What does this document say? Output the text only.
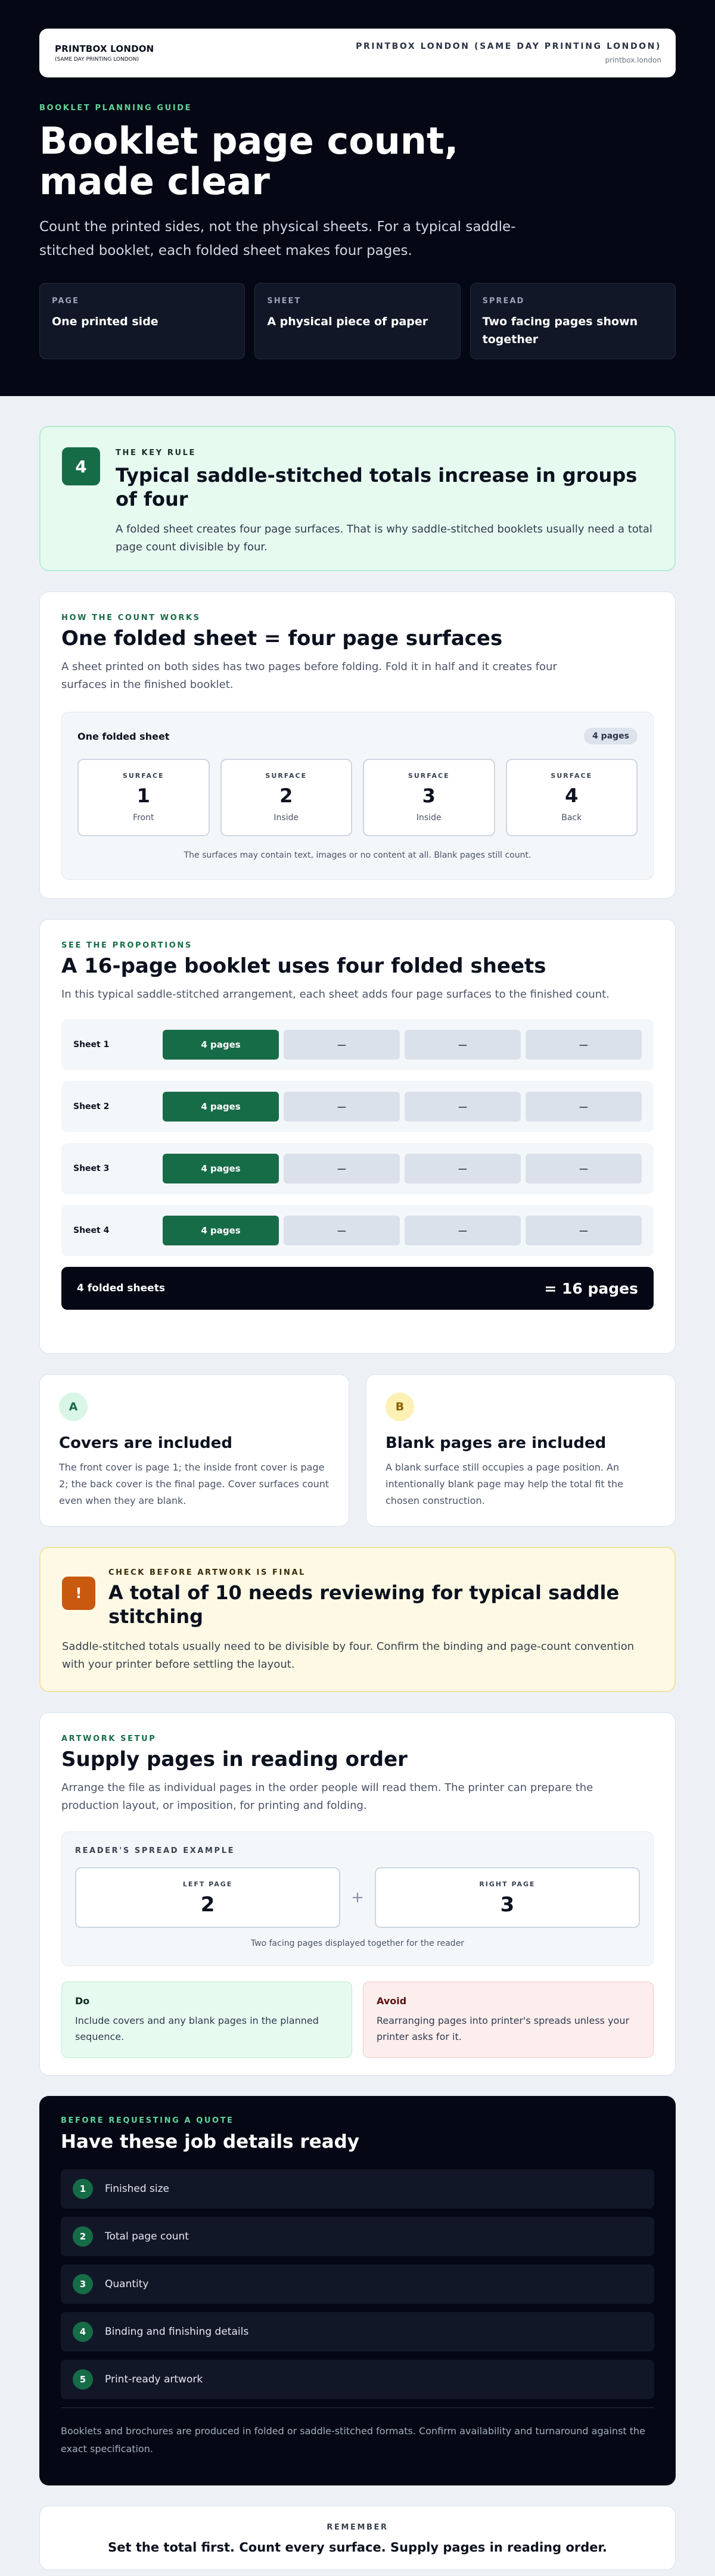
PRINTBOX LONDON
(SAME DAY PRINTING LONDON)
PRINTBOX LONDON (SAME DAY PRINTING LONDON)
printbox.london
BOOKLET PLANNING GUIDE
Booklet page count, made clear

Count the printed sides, not the physical sheets. For a typical saddle-stitched booklet, each folded sheet makes four pages.

PAGE
One printed side
SHEET
A physical piece of paper
SPREAD
Two facing pages shown together
4
THE KEY RULE
Typical saddle-stitched totals increase in groups of four
A folded sheet creates four page surfaces. That is why saddle-stitched booklets usually need a total page count divisible by four.
HOW THE COUNT WORKS
One folded sheet = four page surfaces
A sheet printed on both sides has two pages before folding. Fold it in half and it creates four surfaces in the finished booklet.
One folded sheet	4 pages
SURFACE
1
Front
SURFACE
2
Inside
SURFACE
3
Inside
SURFACE
4
Back
The surfaces may contain text, images or no content at all. Blank pages still count.
SEE THE PROPORTIONS
A 16-page booklet uses four folded sheets
In this typical saddle-stitched arrangement, each sheet adds four page surfaces to the finished count.
Sheet 1	4 pages	—	—	—
Sheet 2	4 pages	—	—	—
Sheet 3	4 pages	—	—	—
Sheet 4	4 pages	—	—	—
4 folded sheets	= 16 pages
A
Covers are included
The front cover is page 1; the inside front cover is page 2; the back cover is the final page. Cover surfaces count even when they are blank.
B
Blank pages are included
A blank surface still occupies a page position. An intentionally blank page may help the total fit the chosen construction.
!
CHECK BEFORE ARTWORK IS FINAL
A total of 10 needs reviewing for typical saddle stitching
Saddle-stitched totals usually need to be divisible by four. Confirm the binding and page-count convention with your printer before settling the layout.
ARTWORK SETUP
Supply pages in reading order
Arrange the file as individual pages in the order people will read them. The printer can prepare the production layout, or imposition, for printing and folding.
READER'S SPREAD EXAMPLE
LEFT PAGE
2	+
RIGHT PAGE
3
Two facing pages displayed together for the reader
Do
Include covers and any blank pages in the planned sequence.
Avoid
Rearranging pages into printer's spreads unless your printer asks for it.
BEFORE REQUESTING A QUOTE
Have these job details ready
1	Finished size
2	Total page count
3	Quantity
4	Binding and finishing details
5	Print-ready artwork
Booklets and brochures are produced in folded or saddle-stitched formats. Confirm availability and turnaround against the exact specification.
REMEMBER
Set the total first. Count every surface. Supply pages in reading order.
